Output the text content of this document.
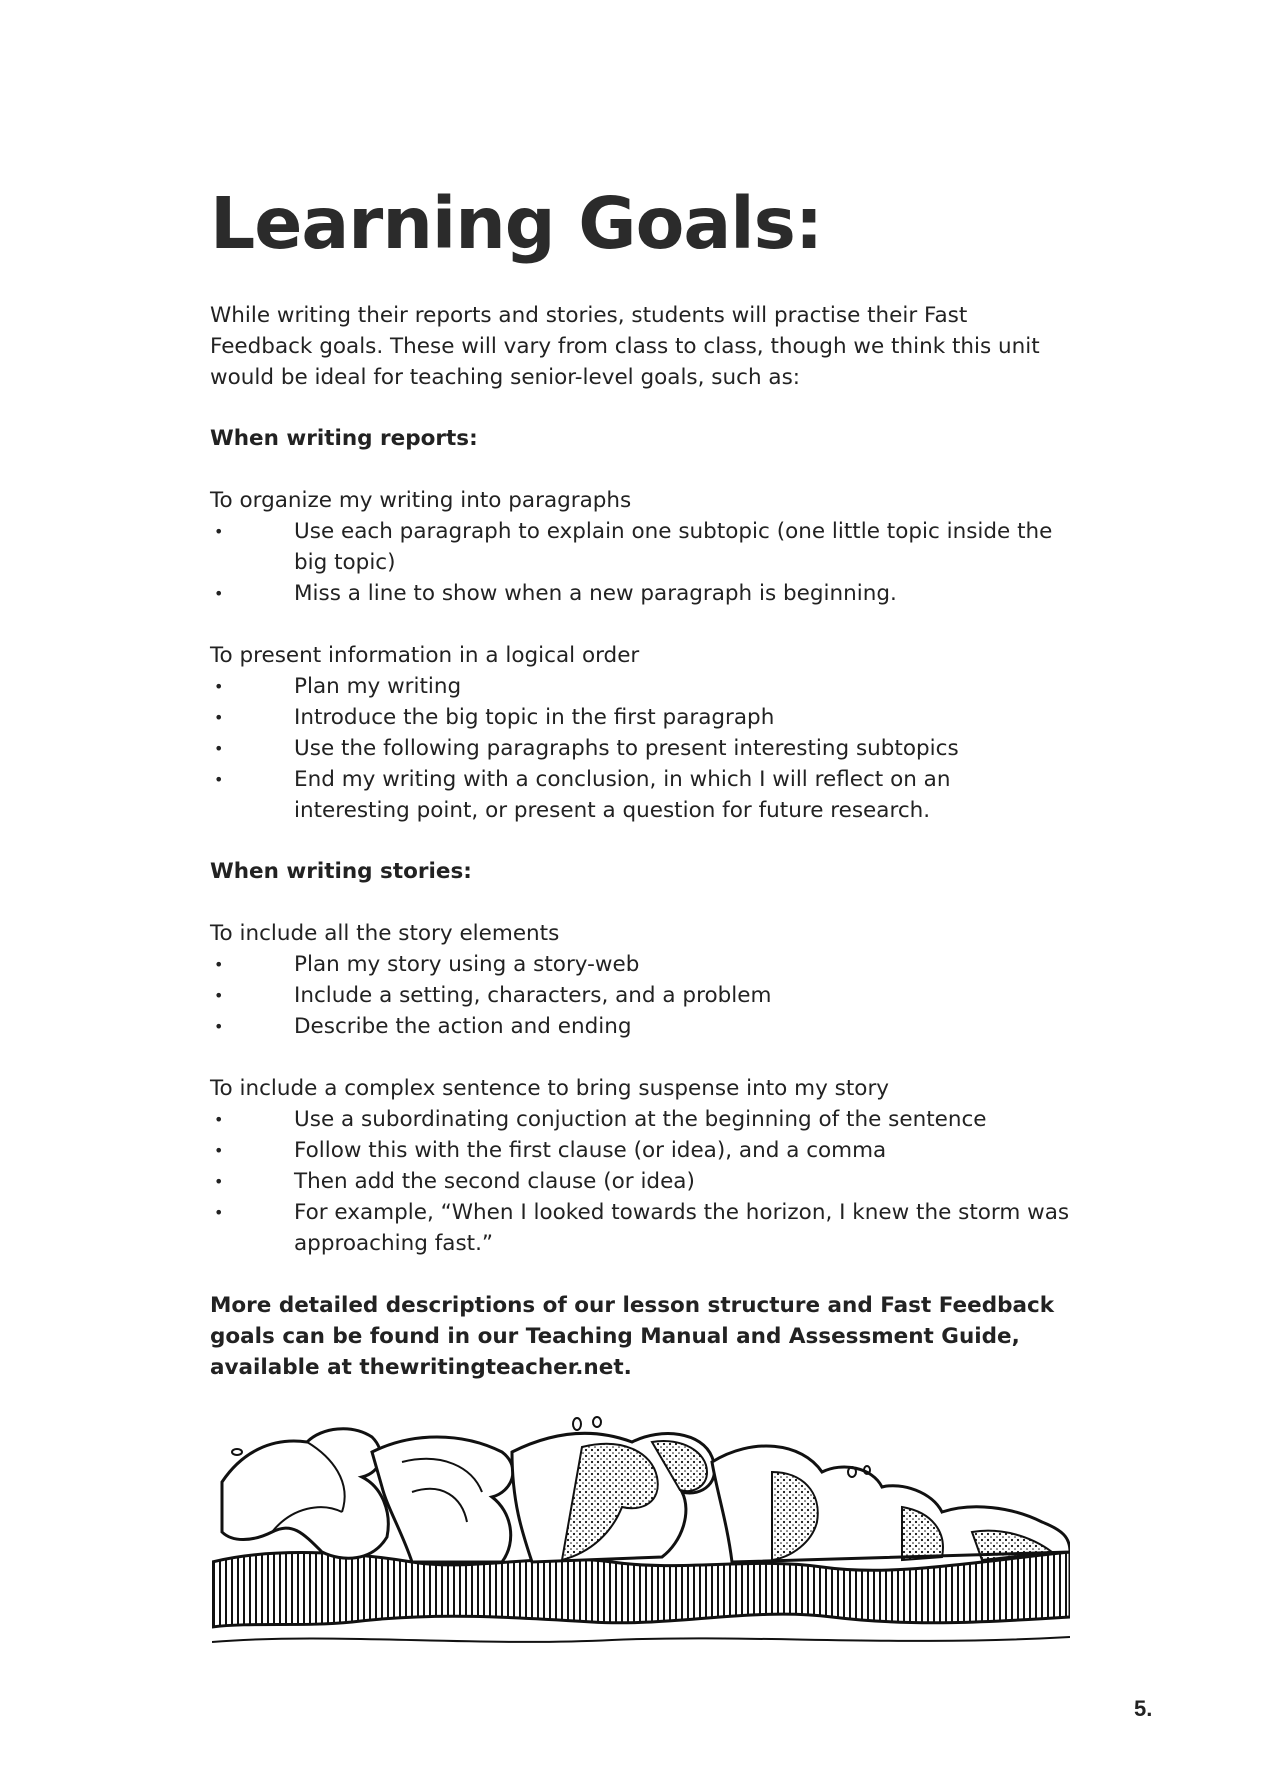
Learning Goals:

While writing their reports and stories, students will practise their Fast Feedback goals. These will vary from class to class, though we think this unit would be ideal for teaching senior-level goals, such as:

When writing reports:

To organize my writing into paragraphs

•	Use each paragraph to explain one subtopic (one little topic inside the big topic)
•	Miss a line to show when a new paragraph is beginning.

To present information in a logical order

•	Plan my writing
•	Introduce the big topic in the first paragraph
•	Use the following paragraphs to present interesting subtopics
•	End my writing with a conclusion, in which I will reflect on an interesting point, or present a question for future research.

When writing stories:

To include all the story elements

•	Plan my story using a story-web
•	Include a setting, characters, and a problem
•	Describe the action and ending

To include a complex sentence to bring suspense into my story

•	Use a subordinating conjuction at the beginning of the sentence
•	Follow this with the first clause (or idea), and a comma
•	Then add the second clause (or idea)
•	For example, “When I looked towards the horizon, I knew the storm was approaching fast.”

More detailed descriptions of our lesson structure and Fast Feedback goals can be found in our Teaching Manual and Assessment Guide, available at thewritingteacher.net.

5.
